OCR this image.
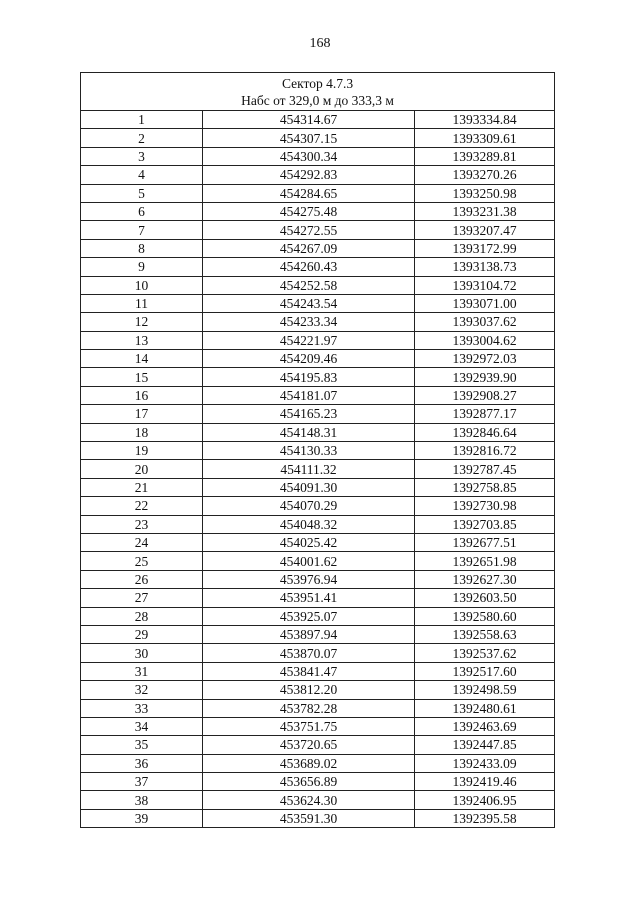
168
Сектор 4.7.3
Набс от 329,0 м до 333,3 м		

1	454314.67	1393334.84
2	454307.15	1393309.61
3	454300.34	1393289.81
4	454292.83	1393270.26
5	454284.65	1393250.98
6	454275.48	1393231.38
7	454272.55	1393207.47
8	454267.09	1393172.99
9	454260.43	1393138.73
10	454252.58	1393104.72
11	454243.54	1393071.00
12	454233.34	1393037.62
13	454221.97	1393004.62
14	454209.46	1392972.03
15	454195.83	1392939.90
16	454181.07	1392908.27
17	454165.23	1392877.17
18	454148.31	1392846.64
19	454130.33	1392816.72
20	454111.32	1392787.45
21	454091.30	1392758.85
22	454070.29	1392730.98
23	454048.32	1392703.85
24	454025.42	1392677.51
25	454001.62	1392651.98
26	453976.94	1392627.30
27	453951.41	1392603.50
28	453925.07	1392580.60
29	453897.94	1392558.63
30	453870.07	1392537.62
31	453841.47	1392517.60
32	453812.20	1392498.59
33	453782.28	1392480.61
34	453751.75	1392463.69
35	453720.65	1392447.85
36	453689.02	1392433.09
37	453656.89	1392419.46
38	453624.30	1392406.95
39	453591.30	1392395.58
